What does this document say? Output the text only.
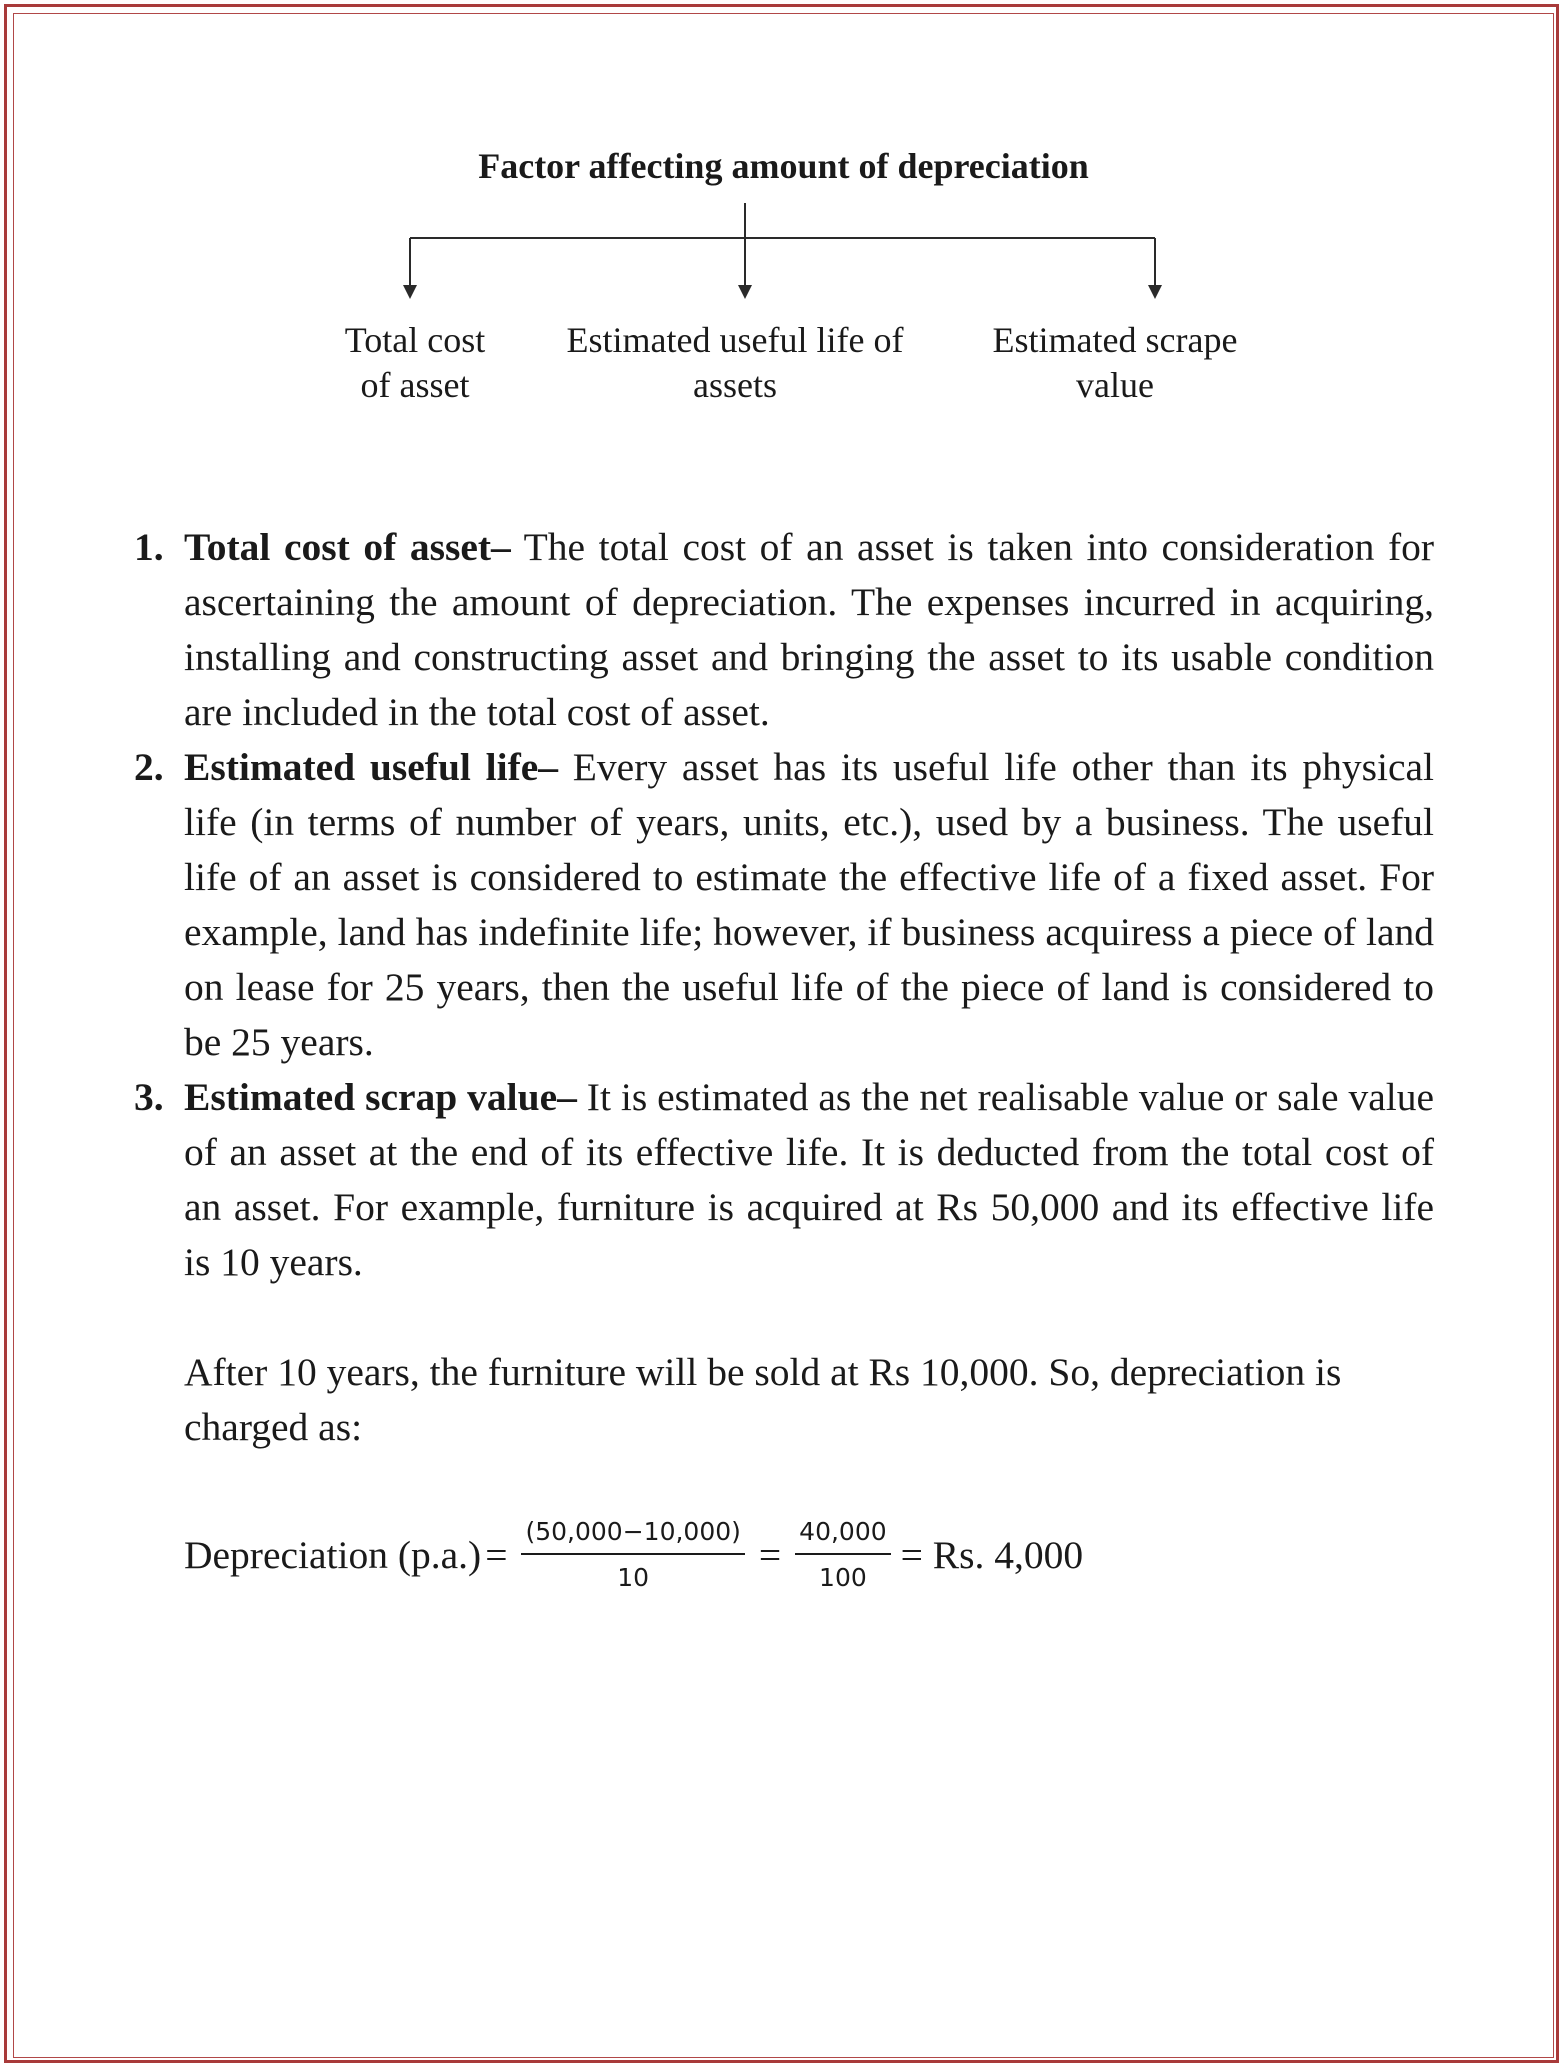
Factor affecting amount of depreciation
Total cost
of asset
Estimated useful life of
assets
Estimated scrape
value
1. Total cost of asset– The total cost of an asset is taken into consideration for ascertaining the amount of depreciation. The expenses incurred in acquiring, installing and constructing asset and bringing the asset to its usable condition are included in the total cost of asset.
2. Estimated useful life– Every asset has its useful life other than its physical life (in terms of number of years, units, etc.), used by a business. The useful life of an asset is considered to estimate the effective life of a fixed asset. For example, land has indefinite life; however, if business acquiress a piece of land on lease for 25 years, then the useful life of the piece of land is considered to be 25 years.
3. Estimated scrap value– It is estimated as the net realisable value or sale value of an asset at the end of its effective life. It is deducted from the total cost of an asset. For example, furniture is acquired at Rs 50,000 and its effective life is 10 years.
After 10 years, the furniture will be sold at Rs 10,000. So, depreciation is charged as:
Depreciation $(p.a.) = \frac{(50,000-10,000)}{10} = \frac{40,000}{100} = Rs$. 4,000
